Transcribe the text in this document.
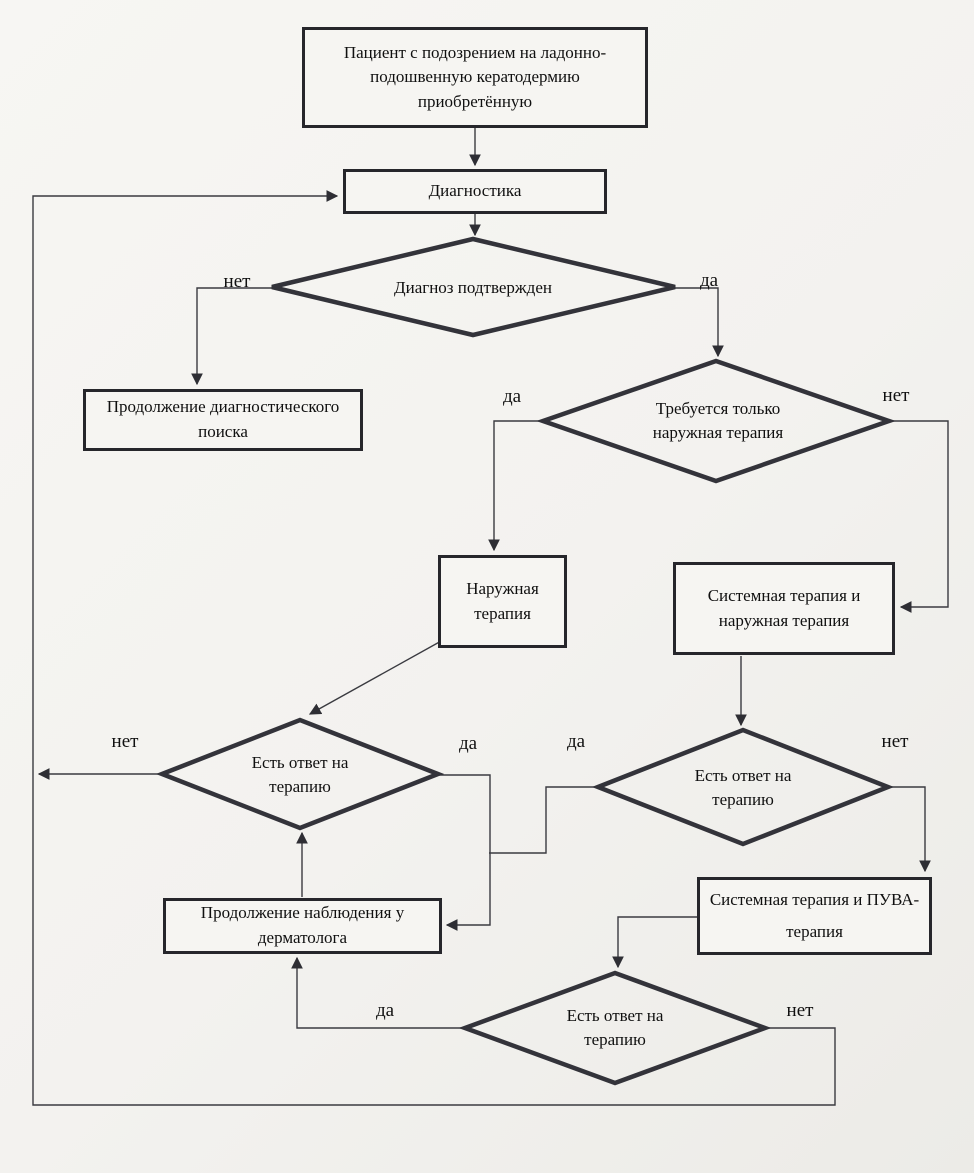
Пациент с подозрением на ладонно-подошвенную кератодермию приобретённую
Диагностика
Продолжение диагностического поиска
Наружная терапия
Системная терапия и наружная терапия
Продолжение наблюдения у дерматолога
Системная терапия и ПУВА-терапия
Диагноз подтвержден
Требуется только наружная терапия
Есть ответ на терапию
Есть ответ на терапию
Есть ответ на терапию
нет	да
да	нет
нет	да	да	нет
да	нет
